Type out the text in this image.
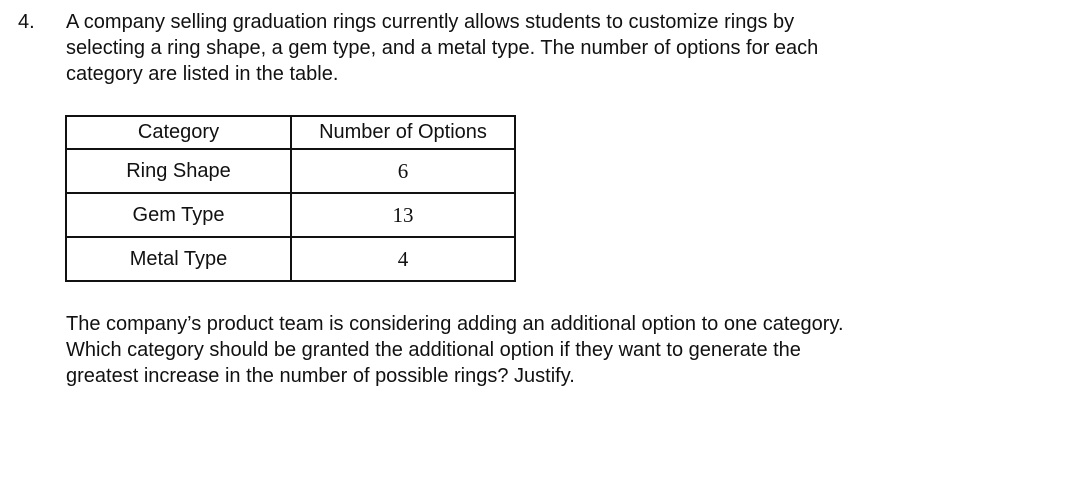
4. A company selling graduation rings currently allows students to customize rings by
selecting a ring shape, a gem type, and a metal type. The number of options for each
category are listed in the table.
Category	Number of Options
Ring Shape	6
Gem Type	13
Metal Type	4
The company’s product team is considering adding an additional option to one category.
Which category should be granted the additional option if they want to generate the
greatest increase in the number of possible rings? Justify.
